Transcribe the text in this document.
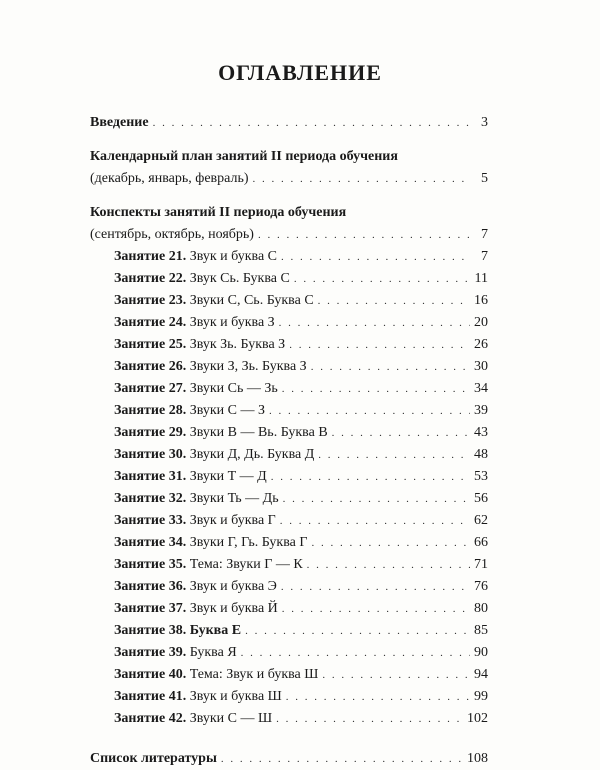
ОГЛАВЛЕНИЕ
Введение . . .	3
Календарный план занятий II периода обучения
(декабрь, январь, февраль) . . .	5
Конспекты занятий II периода обучения
(сентябрь, октябрь, ноябрь) . . .	7
Занятие 21. Звук и буква С . . .	7
Занятие 22. Звук Сь. Буква С . . .	11
Занятие 23. Звуки С, Сь. Буква С . . .	16
Занятие 24. Звук и буква З . . .	20
Занятие 25. Звук Зь. Буква З . . .	26
Занятие 26. Звуки З, Зь. Буква З . . .	30
Занятие 27. Звуки Сь — Зь . . .	34
Занятие 28. Звуки С — З . . .	39
Занятие 29. Звуки В — Вь. Буква В . . .	43
Занятие 30. Звуки Д, Дь. Буква Д . . .	48
Занятие 31. Звуки Т — Д . . .	53
Занятие 32. Звуки Ть — Дь . . .	56
Занятие 33. Звук и буква Г . . .	62
Занятие 34. Звуки Г, Гь. Буква Г . . .	66
Занятие 35. Тема: Звуки Г — К . . .	71
Занятие 36. Звук и буква Э . . .	76
Занятие 37. Звук и буква Й . . .	80
Занятие 38. Буква Е . . .	85
Занятие 39. Буква Я . . .	90
Занятие 40. Тема: Звук и буква Ш . . .	94
Занятие 41. Звук и буква Ш . . .	99
Занятие 42. Звуки С — Ш . . .	102
Список литературы . . .	108
